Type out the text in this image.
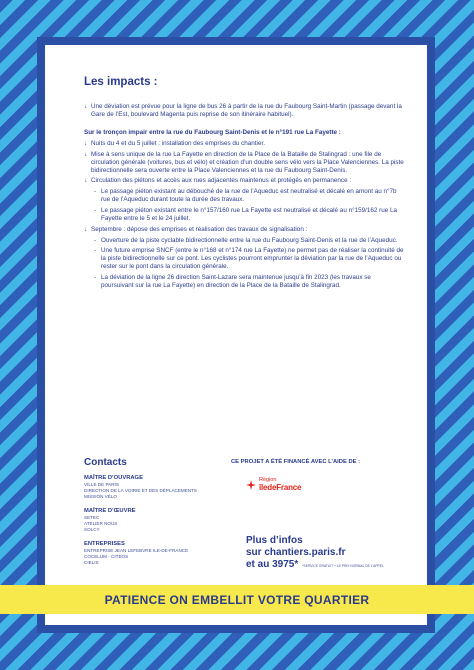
Les impacts :
↓ Une déviation est prévue pour la ligne de bus 26 à partir de la rue du Faubourg Saint-Martin (passage devant la Gare de l’Est, boulevard Magenta puis reprise de son itinéraire habituel).
Sur le tronçon impair entre la rue du Faubourg Saint-Denis et le n°191 rue La Fayette :
↓ Nuits du 4 et du 5 juillet : installation des emprises du chantier.
↓ Mise à sens unique de la rue La Fayette en direction de la Place de la Bataille de Stalingrad : une file de circulation générale (voitures, bus et vélo) et création d’un double sens vélo vers la Place Valenciennes. La piste bidirectionnelle sera ouverte entre la Place Valenciennes et la rue du Faubourg Saint-Denis.
↓ Circulation des piétons et accès aux rues adjacentes maintenus et protégés en permanence :
- Le passage piéton existant au débouché de la rue de l’Aqueduc est neutralisé et décalé en amont au n°7b rue de l’Aqueduc durant toute la durée des travaux.
- Le passage piéton existant entre le n°157/160 rue La Fayette est neutralisé et décalé au n°159/162 rue La Fayette entre le 5 et le 24 juillet.
↓ Septembre : dépose des emprises et réalisation des travaux de signalisation :
- Ouverture de la piste cyclable bidirectionnelle entre la rue du Faubourg Saint-Denis et la rue de l’Aqueduc.
- Une future emprise SNCF (entre le n°168 et n°174 rue La Fayette) ne permet pas de réaliser la continuité de la piste bidirectionnelle sur ce pont. Les cyclistes pourront emprunter la déviation par la rue de l’Aqueduc ou rester sur le pont dans la circulation générale.
- La déviation de la ligne 26 direction Saint-Lazare sera maintenue jusqu’à fin 2023 (les travaux se poursuivant sur la rue La Fayette) en direction de la Place de la Bataille de Stalingrad.
Contacts
MAÎTRE D’OUVRAGE
VILLE DE PARIS
DIRECTION DE LA VOIRIE ET DES DÉPLACEMENTS
MISSION VÉLO
MAÎTRE D’ŒUVRE
SETEC
ATELIER NOUS
SOLCY
ENTREPRISES
ENTREPRISE JEAN LEFEBVRE ILE-DE-FRANCE
COCELUM - CITEOS
CIELIS
CE PROJET A ÉTÉ FINANCÉ AVEC L’AIDE DE :
Région
îledeFrance
Plus d’infos
sur chantiers.paris.fr
et au 3975* *SERVICE GRATUIT + LE PRIX NORMAL DE L’APPEL
PATIENCE ON EMBELLIT VOTRE QUARTIER
